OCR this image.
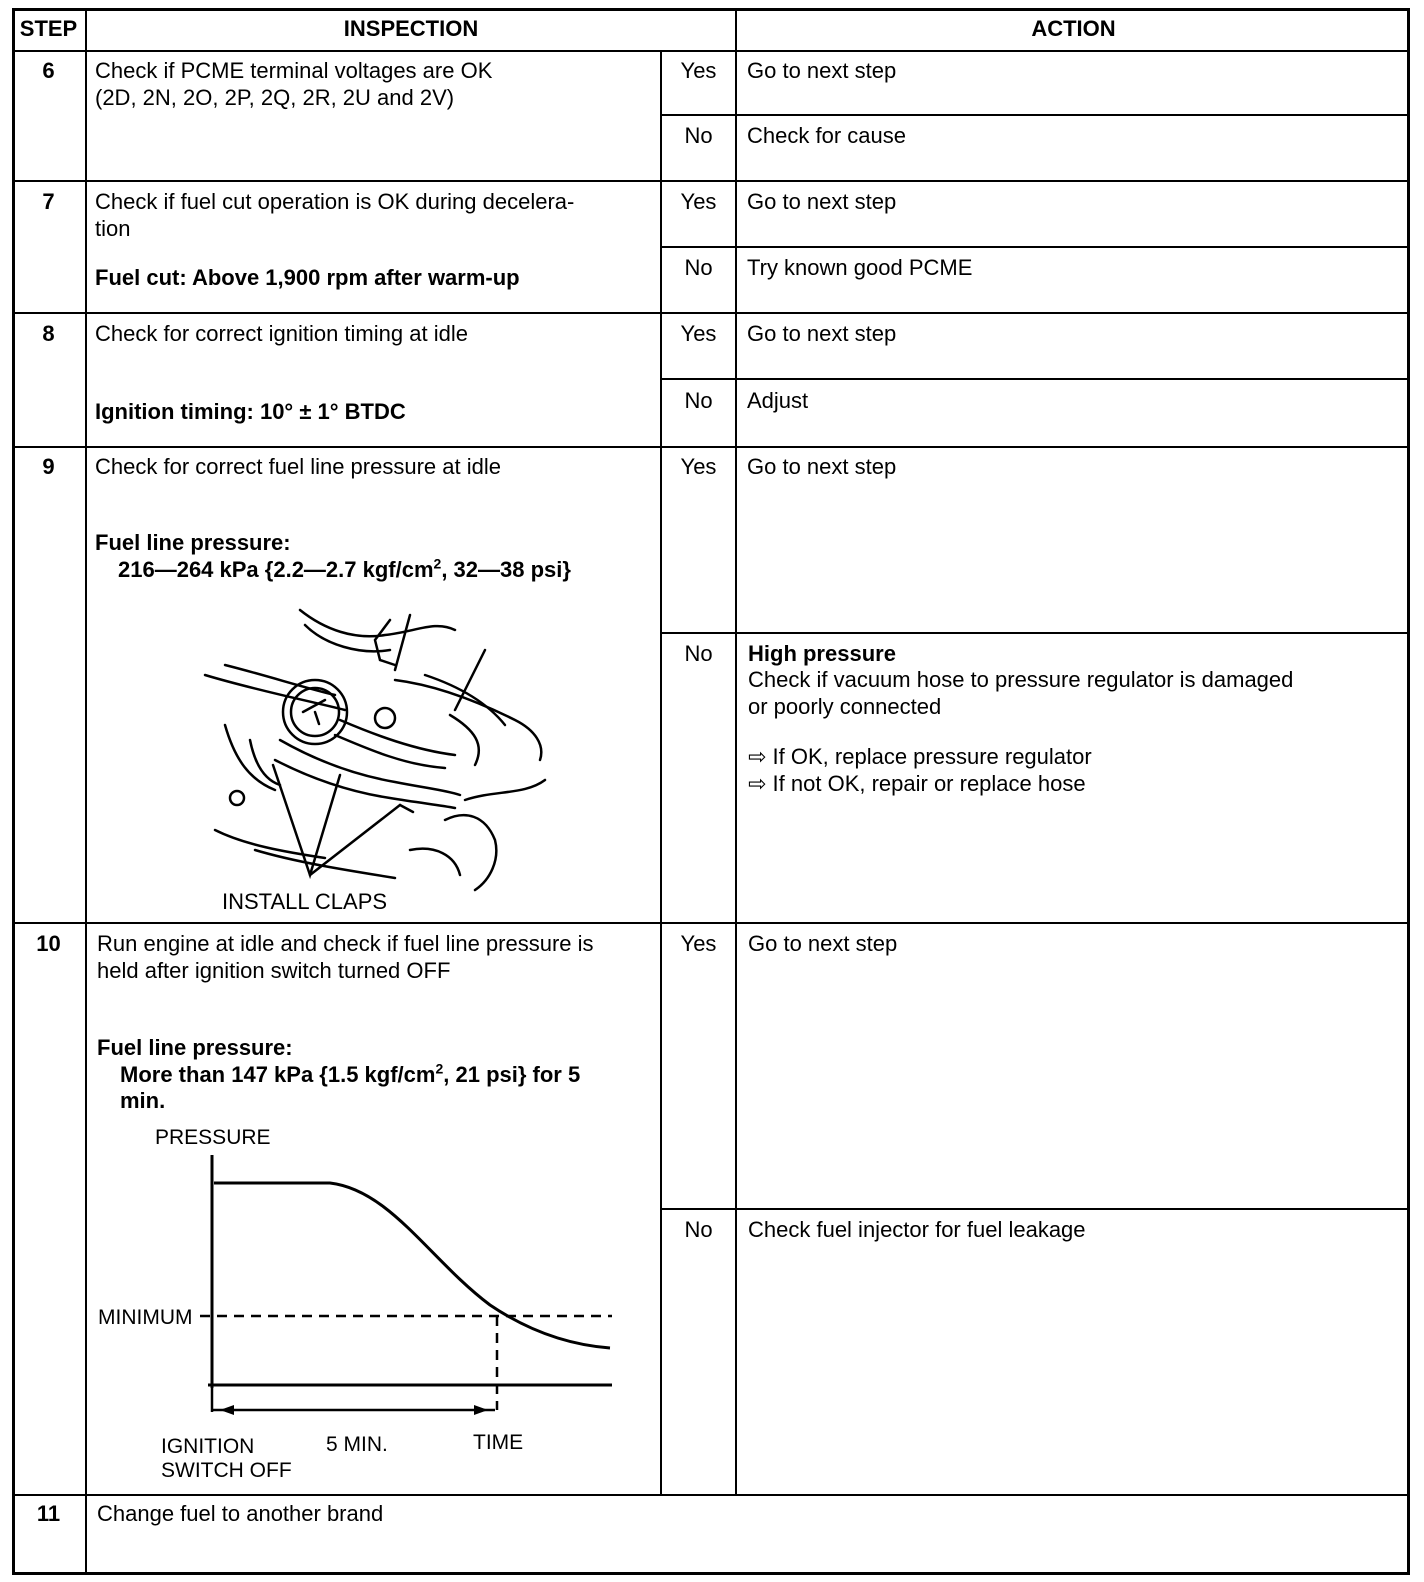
STEP	INSPECTION	ACTION
6	Check if PCME terminal voltages are OK
(2D, 2N, 2O, 2P, 2Q, 2R, 2U and 2V)
Yes	Go to next step
No	Check for cause
7	Check if fuel cut operation is OK during decelera-
tion
Fuel cut: Above 1,900 rpm after warm-up
Yes	Go to next step
No	Try known good PCME
8	Check for correct ignition timing at idle
Ignition timing: 10° ± 1° BTDC
Yes	Go to next step
No	Adjust
9	Check for correct fuel line pressure at idle
Fuel line pressure:
216—264 kPa {2.2—2.7 kgf/$cm^2$, 32—38 psi}
INSTALL CLAPS
Yes	Go to next step
No	High pressure
Check if vacuum hose to pressure regulator is damaged
or poorly connected
⇨ If OK, replace pressure regulator
⇨ If not OK, repair or replace hose
10	Run engine at idle and check if fuel line pressure is
held after ignition switch turned OFF
Fuel line pressure:
More than 147 kPa {1.5 kgf/$cm^2$, 21 psi} for 5
min.
PRESSURE
MINIMUM
IGNITION
SWITCH OFF
5 MIN.	TIME
Yes	Go to next step
No	Check fuel injector for fuel leakage
11	Change fuel to another brand
